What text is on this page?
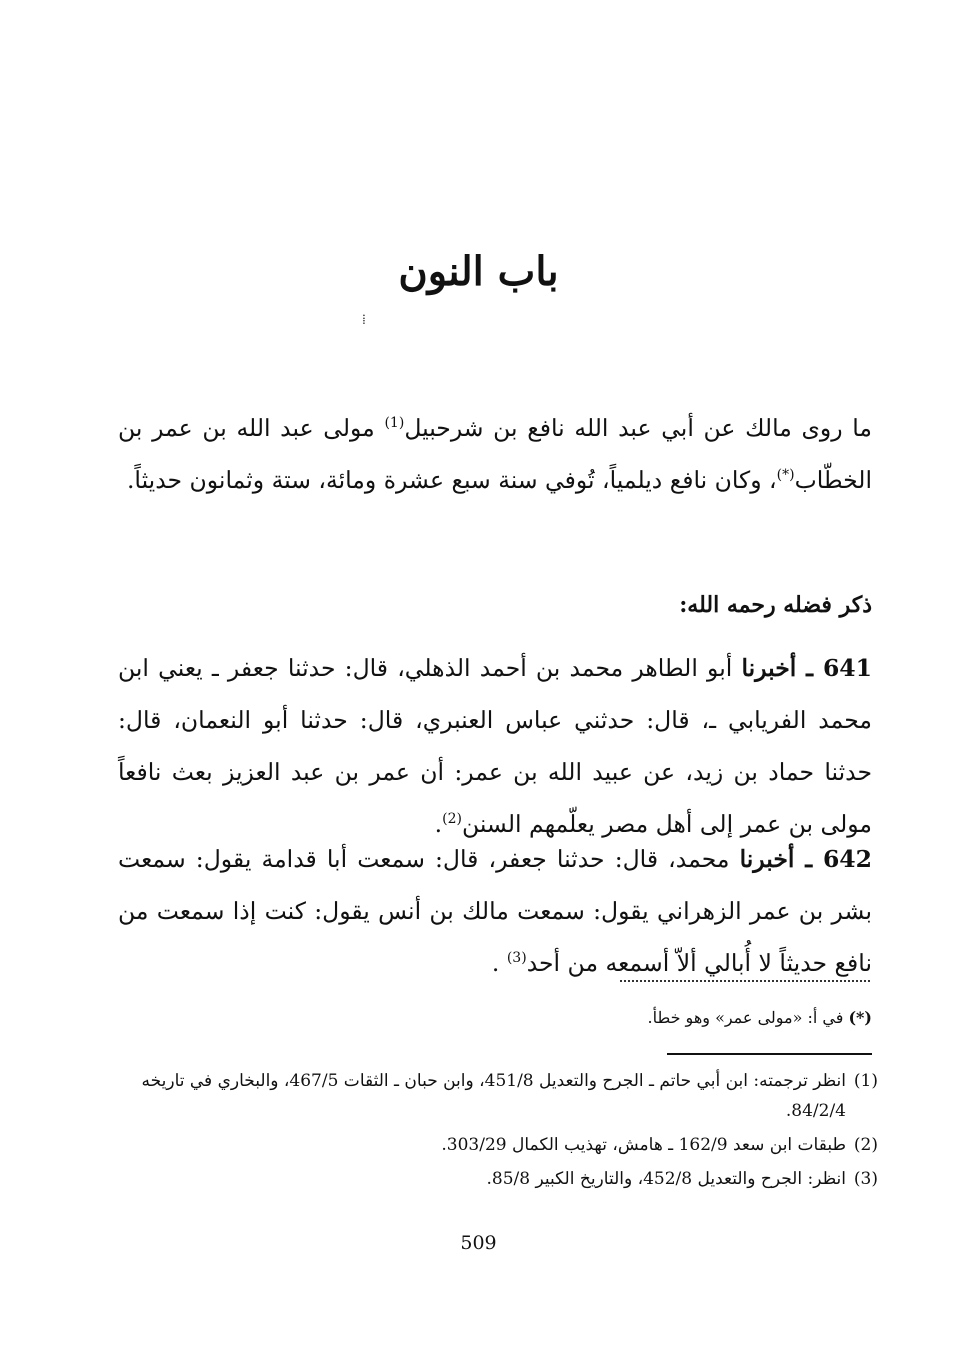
باب النون
⁞
ما روى مالك عن أبي عبد الله نافع بن شرحبيل$^{(1)}$ مولى عبد الله بن عمر بن الخطّاب(*)، وكان نافع ديلمياً، تُوفي سنة سبع عشرة ومائة، ستة وثمانون حديثاً.
ذكر فضله رحمه الله:
641 ـ أخبرنا أبو الطاهر محمد بن أحمد الذهلي، قال: حدثنا جعفر ـ يعني ابن محمد الفريابي ـ، قال: حدثني عباس العنبري، قال: حدثنا أبو النعمان، قال: حدثنا حماد بن زيد، عن عبيد الله بن عمر: أن عمر بن عبد العزيز بعث نافعاً مولى بن عمر إلى أهل مصر يعلّمهم السنن$^{(2)}$.
642 ـ أخبرنا محمد، قال: حدثنا جعفر، قال: سمعت أبا قدامة يقول: سمعت بشر بن عمر الزهراني يقول: سمعت مالك بن أنس يقول: كنت إذا سمعت من نافع حديثاً لا أُبالي ألاّ أسمعه من أحد$^{(3)}$ .
(*) في أ: «مولى عمر» وهو خطأ.
(1)
انظر ترجمته: ابن أبي حاتم ـ الجرح والتعديل 451/8، وابن حبان ـ الثقات 467/5، والبخاري في تاريخه 84/2/4.
(2)
طبقات ابن سعد 162/9 ـ هامش، تهذيب الكمال 303/29.
(3)
انظر: الجرح والتعديل 452/8، والتاريخ الكبير 85/8.
509
